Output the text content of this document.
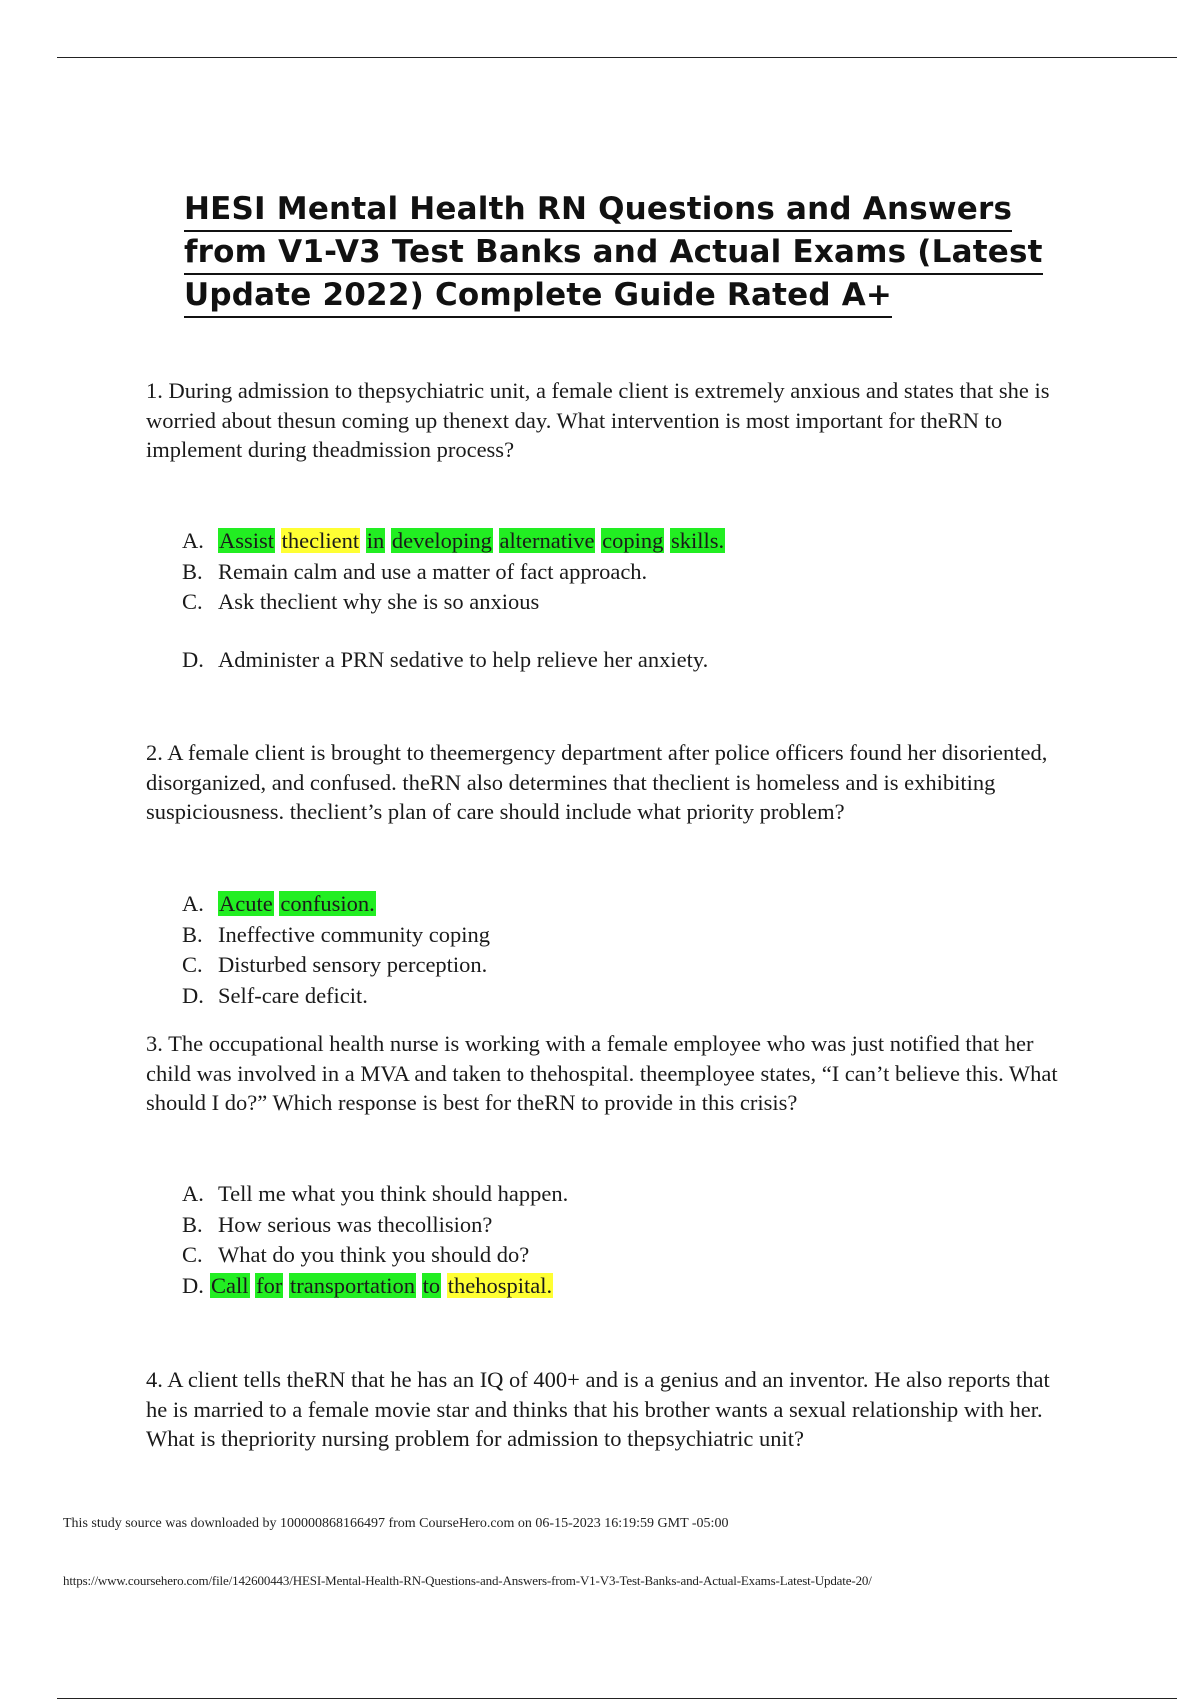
HESI Mental Health RN Questions and Answers
from V1-V3 Test Banks and Actual Exams (Latest
Update 2022) Complete Guide Rated A+
1. During admission to thepsychiatric unit, a female client is extremely anxious and states that she is worried about thesun coming up thenext day. What intervention is most important for theRN to implement during theadmission process?
A. Assist theclient in developing alternative coping skills.
B. Remain calm and use a matter of fact approach.
C. Ask theclient why she is so anxious
D. Administer a PRN sedative to help relieve her anxiety.
2. A female client is brought to theemergency department after police officers found her disoriented, disorganized, and confused. theRN also determines that theclient is homeless and is exhibiting suspiciousness. theclient’s plan of care should include what priority problem?
A. Acute confusion.
B. Ineffective community coping
C. Disturbed sensory perception.
D. Self-care deficit.
3. The occupational health nurse is working with a female employee who was just notified that her child was involved in a MVA and taken to thehospital. theemployee states, “I can’t believe this. What should I do?” Which response is best for theRN to provide in this crisis?
A. Tell me what you think should happen.
B. How serious was thecollision?
C. What do you think you should do?
D. Call for transportation to thehospital.
4. A client tells theRN that he has an IQ of 400+ and is a genius and an inventor. He also reports that he is married to a female movie star and thinks that his brother wants a sexual relationship with her. What is thepriority nursing problem for admission to thepsychiatric unit?
This study source was downloaded by 100000868166497 from CourseHero.com on 06-15-2023 16:19:59 GMT -05:00
https://www.coursehero.com/file/142600443/HESI-Mental-Health-RN-Questions-and-Answers-from-V1-V3-Test-Banks-and-Actual-Exams-Latest-Update-20/
